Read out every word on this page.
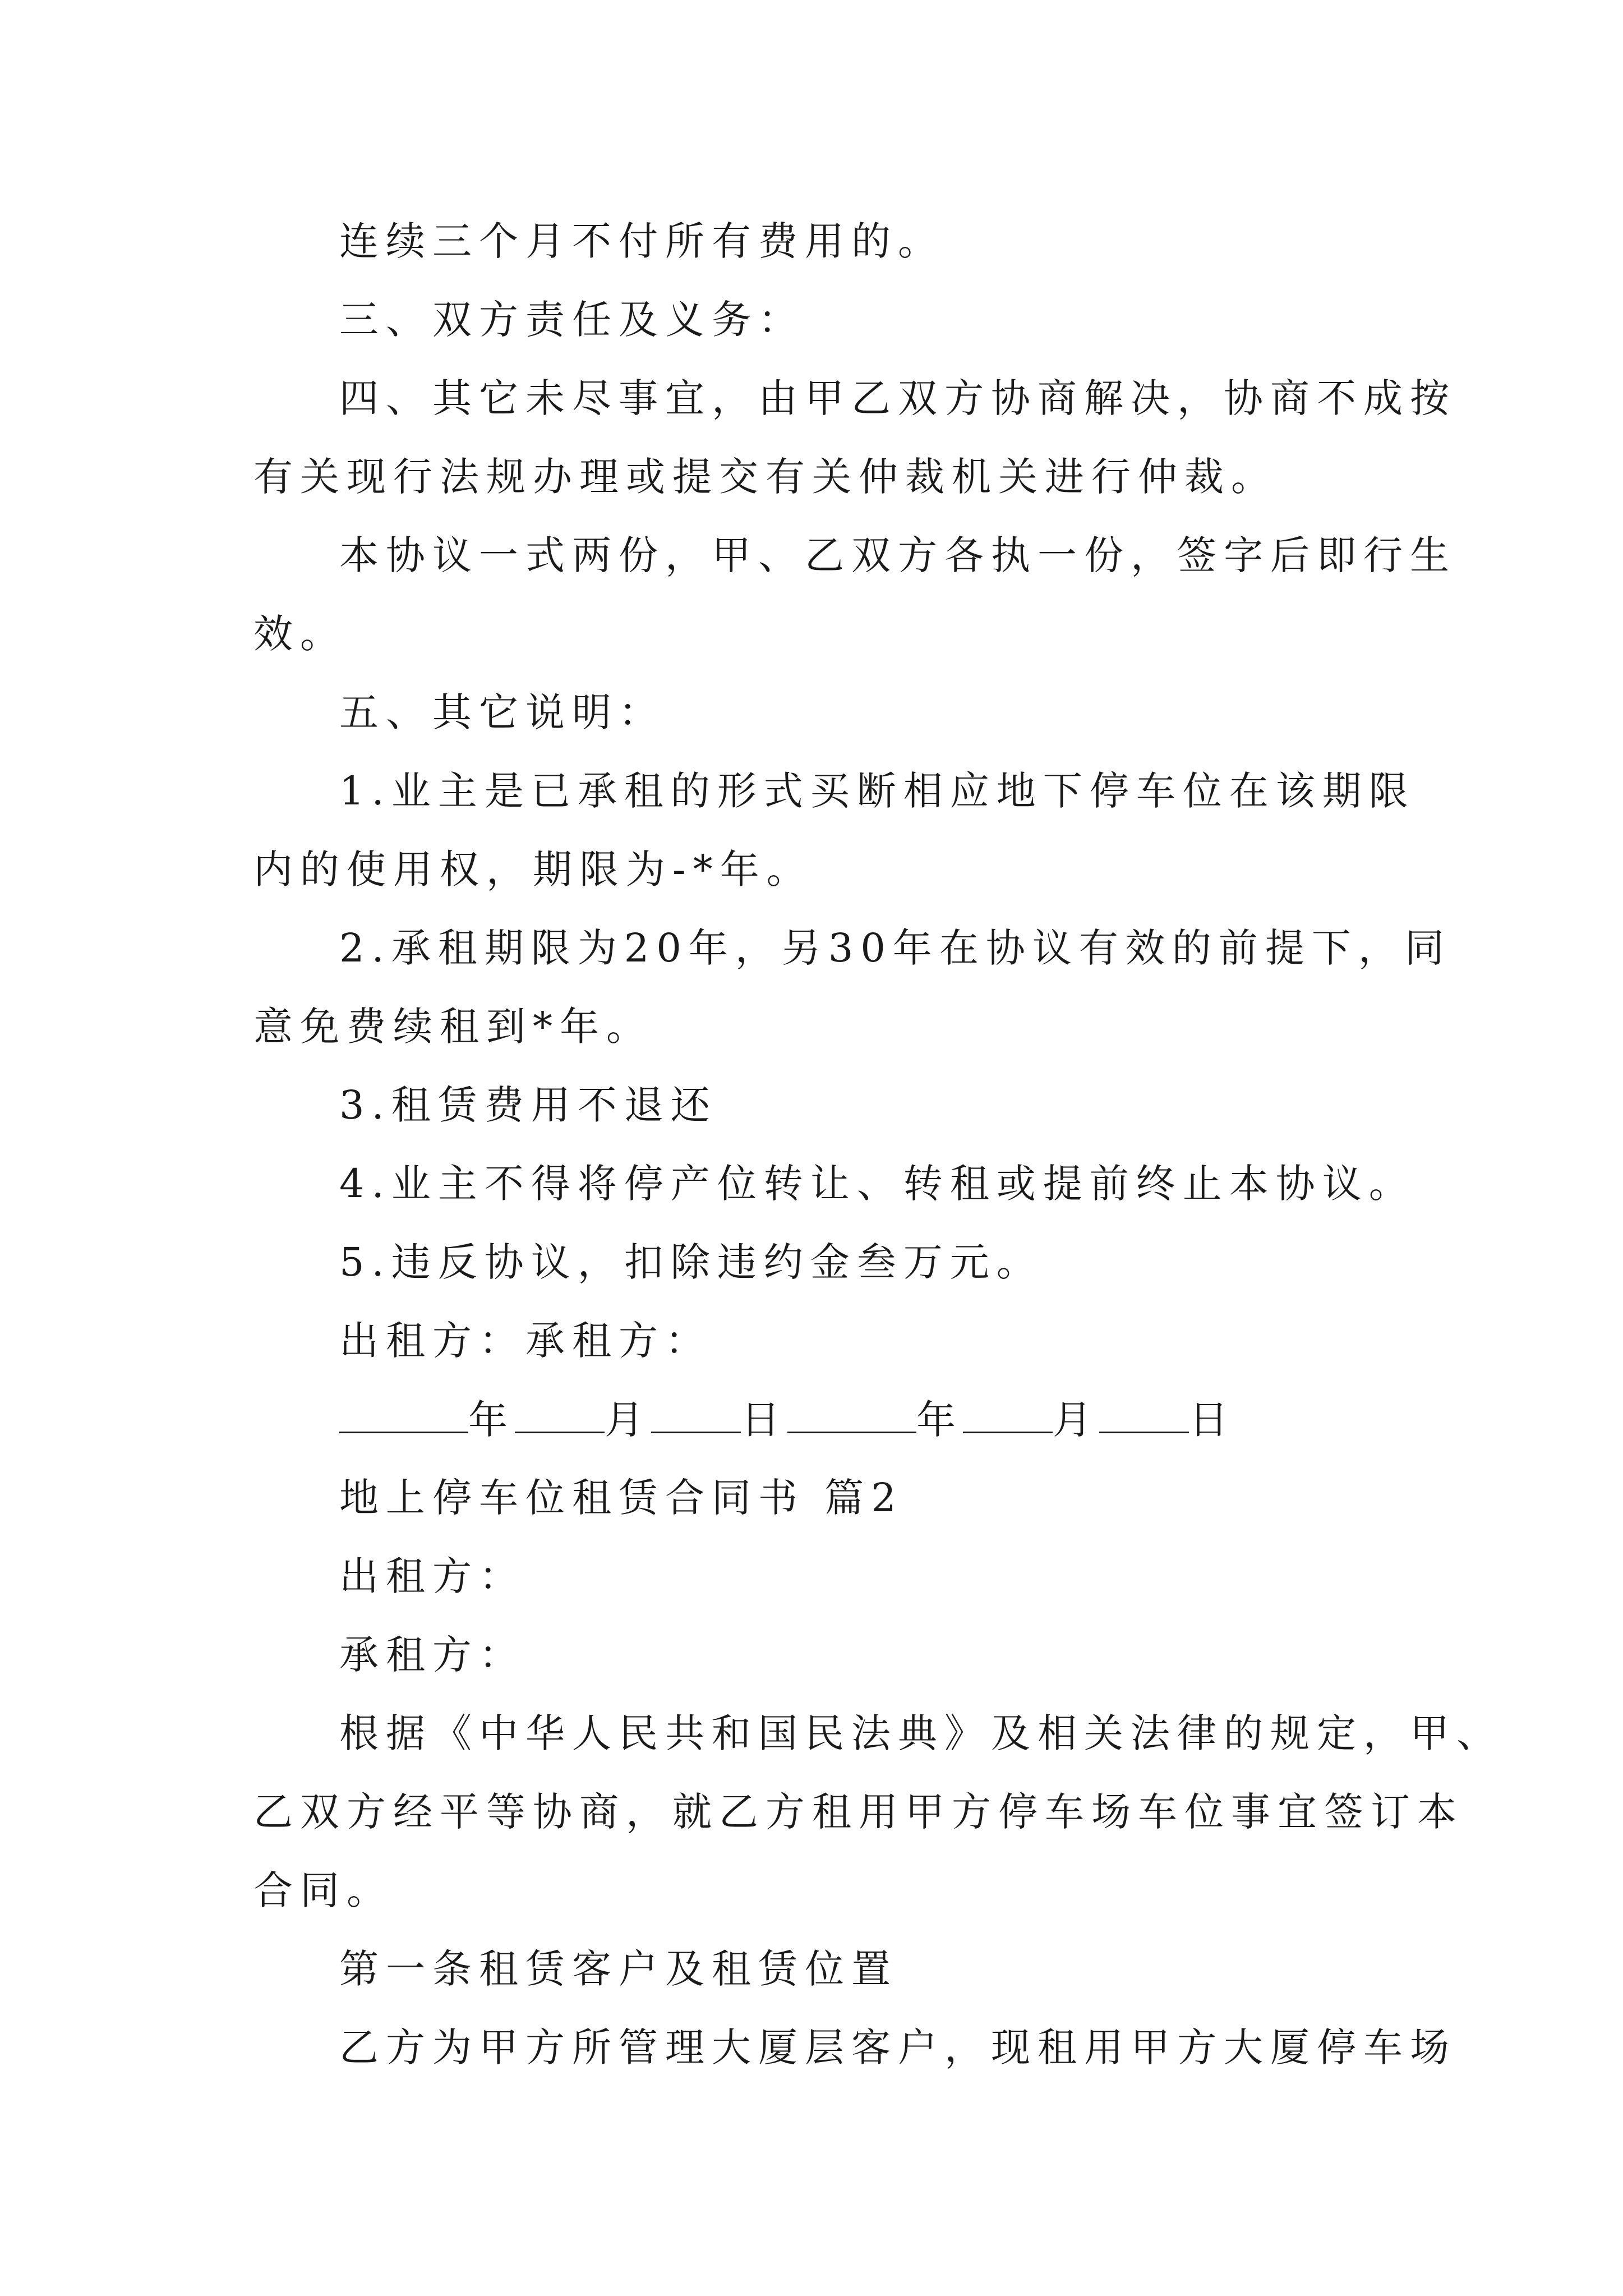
连续三个月不付所有费用的。
三、双方责任及义务：
四、其它未尽事宜，由甲乙双方协商解决，协商不成按
有关现行法规办理或提交有关仲裁机关进行仲裁。
本协议一式两份，甲、乙双方各执一份，签字后即行生
效。
五、其它说明：
1.业主是已承租的形式买断相应地下停车位在该期限
内的使用权，期限为-*年。
2.承租期限为20年，另30年在协议有效的前提下，同
意免费续租到*年。
3.租赁费用不退还
4.业主不得将停产位转让、转租或提前终止本协议。
5.违反协议，扣除违约金叁万元。
出租方：承租方：
年 月 日	年 月 日
地上停车位租赁合同书 篇2
出租方：
承租方：
根据《中华人民共和国民法典》及相关法律的规定，甲、
乙双方经平等协商，就乙方租用甲方停车场车位事宜签订本
合同。
第一条租赁客户及租赁位置
乙方为甲方所管理大厦层客户，现租用甲方大厦停车场
